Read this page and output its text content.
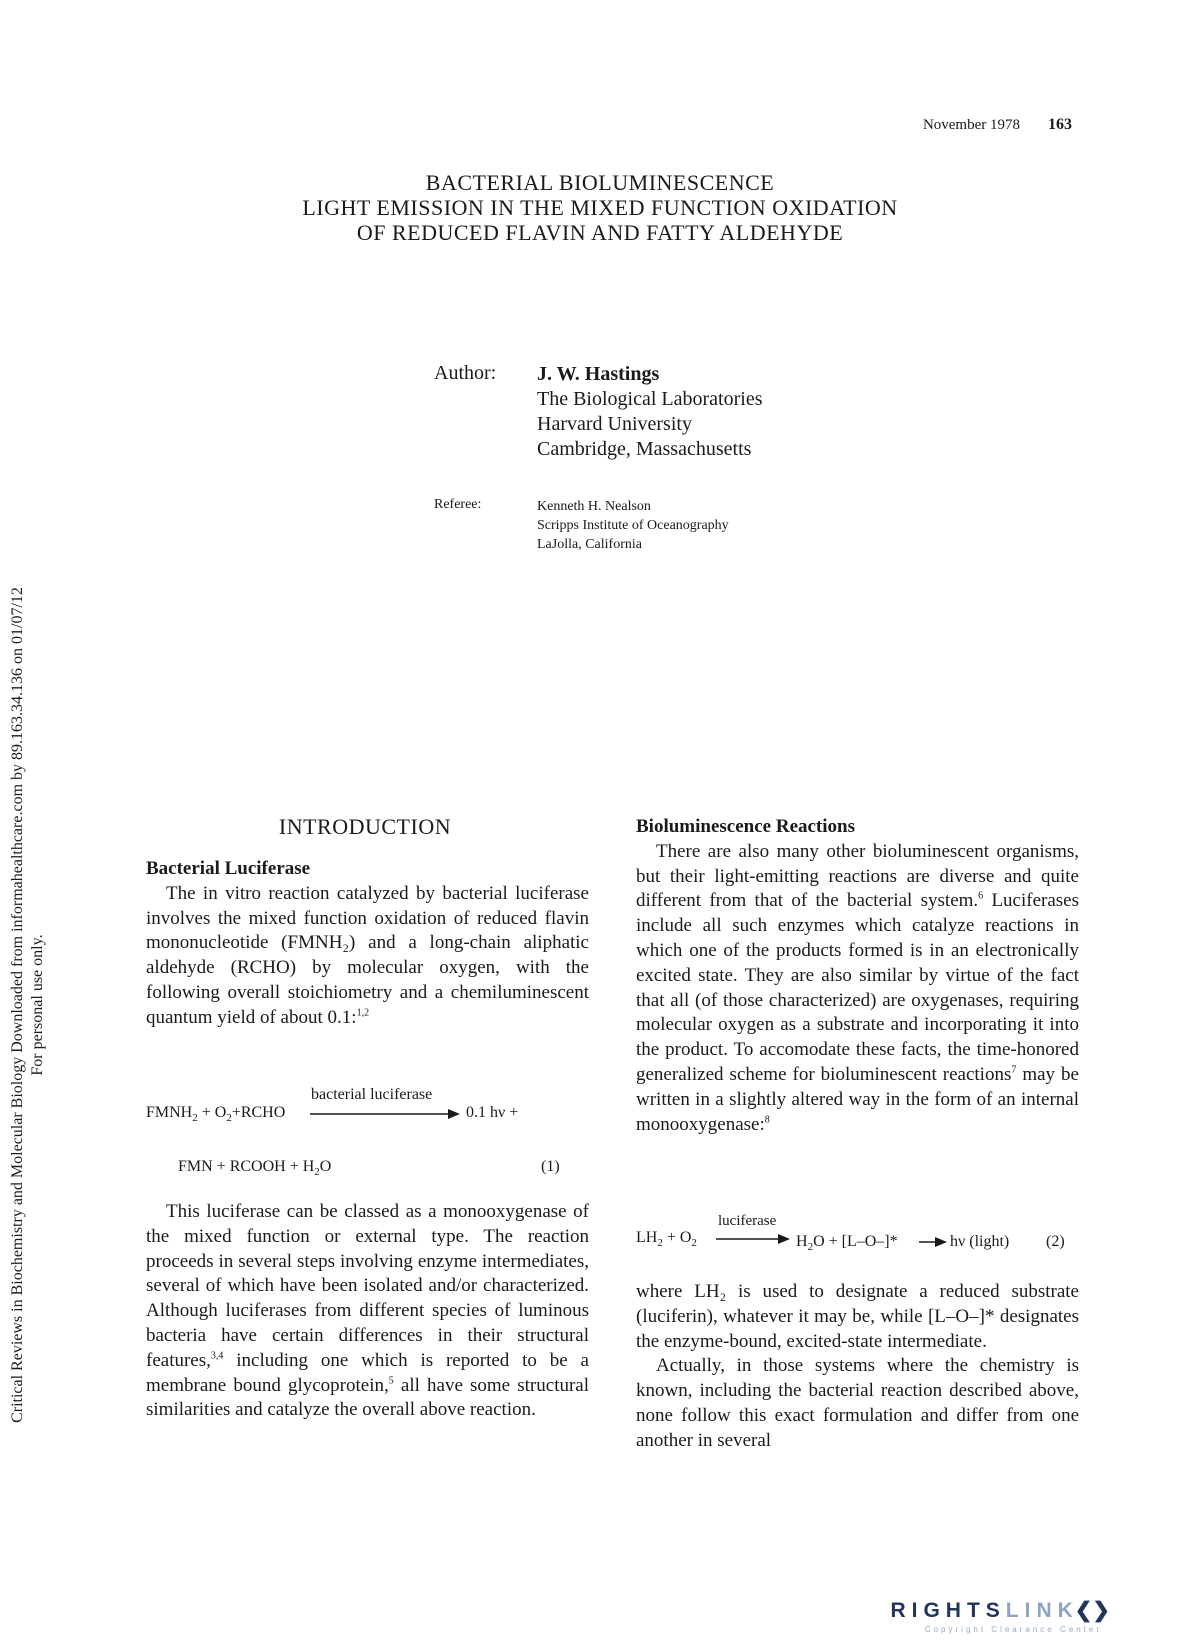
November 1978 163
BACTERIAL BIOLUMINESCENCE
LIGHT EMISSION IN THE MIXED FUNCTION OXIDATION
OF REDUCED FLAVIN AND FATTY ALDEHYDE
Author: J. W. Hastings
The Biological Laboratories
Harvard University
Cambridge, Massachusetts
Referee:	Kenneth H. Nealson
Scripps Institute of Oceanography
LaJolla, California
Critical Reviews in Biochemistry and Molecular Biology Downloaded from informahealthcare.com by 89.163.34.136 on 01/07/12 For personal use only.
INTRODUCTION
Bacterial Luciferase

The in vitro reaction catalyzed by bacterial luciferase involves the mixed function oxidation of reduced flavin mononucleotide (FMNH₂) and a long-chain aliphatic aldehyde (RCHO) by molecular oxygen, with the following overall stoichiometry and a chemiluminescent quantum yield of about 0.1:$^{1,2}$

$FMNH_2$ + $O_2+RCHO$
bacterial luciferase
0.1 hν +
FMN + RCOOH + $H_2O$	(1)

This luciferase can be classed as a monooxygenase of the mixed function or external type. The reaction proceeds in several steps involving enzyme intermediates, several of which have been isolated and/or characterized. Although luciferases from different species of luminous bacteria have certain differences in their structural features,$^{3,4}$ including one which is reported to be a membrane bound glycoprotein,$^5$ all have some structural similarities and catalyze the overall above reaction.

Bioluminescence Reactions

There are also many other bioluminescent organisms, but their light-emitting reactions are diverse and quite different from that of the bacterial system.$^6$ Luciferases include all such enzymes which catalyze reactions in which one of the products formed is in an electronically excited state. They are also similar by virtue of the fact that all (of those characterized) are oxygenases, requiring molecular oxygen as a substrate and incorporating it into the product. To accomodate these facts, the time-honored generalized scheme for bioluminescent reactions$^7$ may be written in a slightly altered way in the form of an internal monooxygenase:$^8$

$LH_2 + O_2$
luciferase
$H_2O + [L-O-]*$	hν (light) (2)

where LH₂ is used to designate a reduced substrate (luciferin), whatever it may be, while [L–O–]* designates the enzyme-bound, excited-state intermediate.

Actually, in those systems where the chemistry is known, including the bacterial reaction described above, none follow this exact formulation and differ from one another in several

RIGHTSLINK❮❯
Copyright Clearance Center
